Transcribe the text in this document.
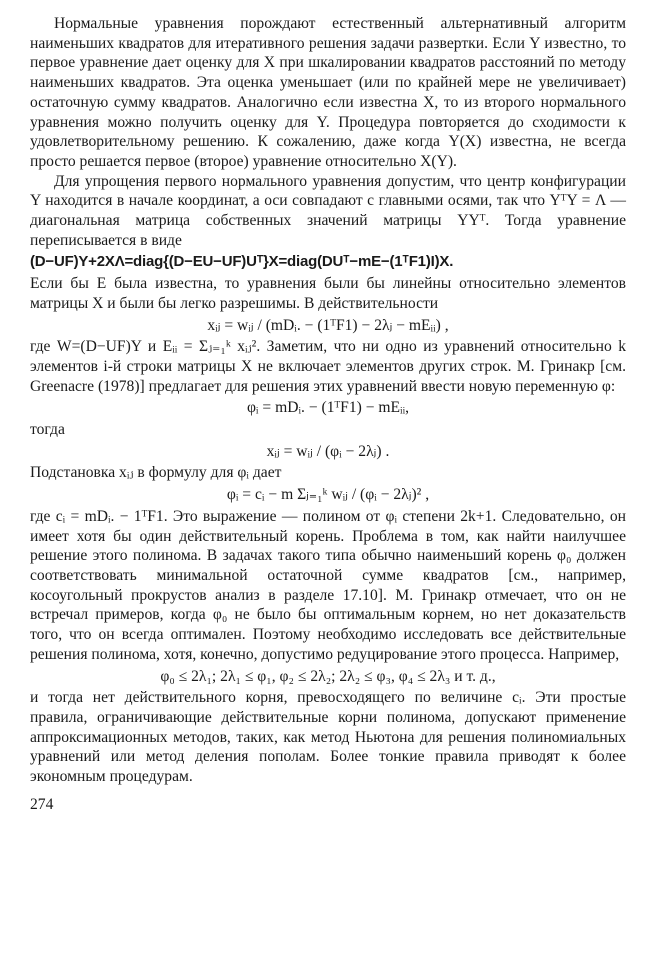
Нормальные уравнения порождают естественный альтернативный алгоритм наименьших квадратов для итеративного решения задачи развертки. Если Y известно, то первое уравнение дает оценку для X при шкалировании квадратов расстояний по методу наименьших квадратов. Эта оценка уменьшает (или по крайней мере не увеличивает) остаточную сумму квадратов. Аналогично если известна X, то из второго нормального уравнения можно получить оценку для Y. Процедура повторяется до сходимости к удовлетворительному решению. К сожалению, даже когда Y(X) известна, не всегда просто решается первое (второе) уравнение относительно X(Y).

Для упрощения первого нормального уравнения допустим, что центр конфигурации Y находится в начале координат, а оси совпадают с главными осями, так что YᵀY = Λ — диагональная матрица собственных значений матрицы YYᵀ. Тогда уравнение переписывается в виде

(D−UF)Y+2XΛ=diag{(D−EU−UF)Uᵀ}X=diag(DUᵀ−mE−(1ᵀF1)I)X.

Если бы E была известна, то уравнения были бы линейны относительно элементов матрицы X и были бы легко разрешимы. В действительности

xᵢⱼ = wᵢⱼ / (mDᵢ. − (1ᵀF1) − 2λⱼ − mEᵢᵢ) ,

где W=(D−UF)Y и Eᵢᵢ = Σⱼ₌₁ᵏ xᵢⱼ². Заметим, что ни одно из уравнений относительно k элементов i-й строки матрицы X не включает элементов других строк. М. Гринакр [см. Greenacre (1978)] предлагает для решения этих уравнений ввести новую переменную φ:

φᵢ = mDᵢ. − (1ᵀF1) − mEᵢᵢ,

тогда

xᵢⱼ = wᵢⱼ / (φᵢ − 2λⱼ) .

Подстановка xᵢⱼ в формулу для φᵢ дает

φᵢ = cᵢ − m Σⱼ₌₁ᵏ wᵢⱼ / (φᵢ − 2λⱼ)² ,

где cᵢ = mDᵢ. − 1ᵀF1. Это выражение — полином от φᵢ степени 2k+1. Следовательно, он имеет хотя бы один действительный корень. Проблема в том, как найти наилучшее решение этого полинома. В задачах такого типа обычно наименьший корень φ₀ должен соответствовать минимальной остаточной сумме квадратов [см., например, косоугольный прокрустов анализ в разделе 17.10]. М. Гринакр отмечает, что он не встречал примеров, когда φ₀ не было бы оптимальным корнем, но нет доказательств того, что он всегда оптимален. Поэтому необходимо исследовать все действительные решения полинома, хотя, конечно, допустимо редуцирование этого процесса. Например,

φ₀ ≤ 2λ₁; 2λ₁ ≤ φ₁, φ₂ ≤ 2λ₂; 2λ₂ ≤ φ₃, φ₄ ≤ 2λ₃ и т. д.,

и тогда нет действительного корня, превосходящего по величине cᵢ. Эти простые правила, ограничивающие действительные корни полинома, допускают применение аппроксимационных методов, таких, как метод Ньютона для решения полиномиальных уравнений или метод деления пополам. Более тонкие правила приводят к более экономным процедурам.

274
